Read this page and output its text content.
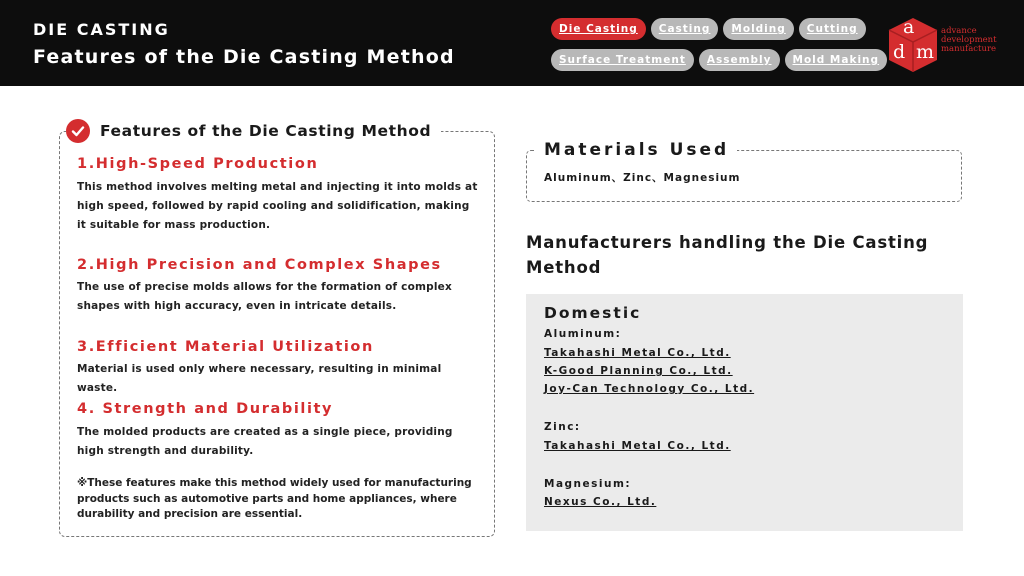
DIE CASTING
Features of the Die Casting Method
Die Casting	Casting	Molding	Cutting
Surface Treatment	Assembly	Mold Making
a
d m
advance
development
manufacture
Features of the Die Casting Method
1.High-Speed Production
This method involves melting metal and injecting it into molds at high speed, followed by rapid cooling and solidification, making it suitable for mass production.
2.High Precision and Complex Shapes
The use of precise molds allows for the formation of complex shapes with high accuracy, even in intricate details.
3.Efficient Material Utilization
Material is used only where necessary, resulting in minimal waste.
4. Strength and Durability
The molded products are created as a single piece, providing high strength and durability.
※These features make this method widely used for manufacturing products such as automotive parts and home appliances, where durability and precision are essential.
Materials Used
Aluminum、Zinc、Magnesium
Manufacturers handling the Die Casting Method
Domestic
Aluminum:
Takahashi Metal Co., Ltd.
K-Good Planning Co., Ltd.
Joy-Can Technology Co., Ltd.
Zinc:
Takahashi Metal Co., Ltd.
Magnesium:
Nexus Co., Ltd.
